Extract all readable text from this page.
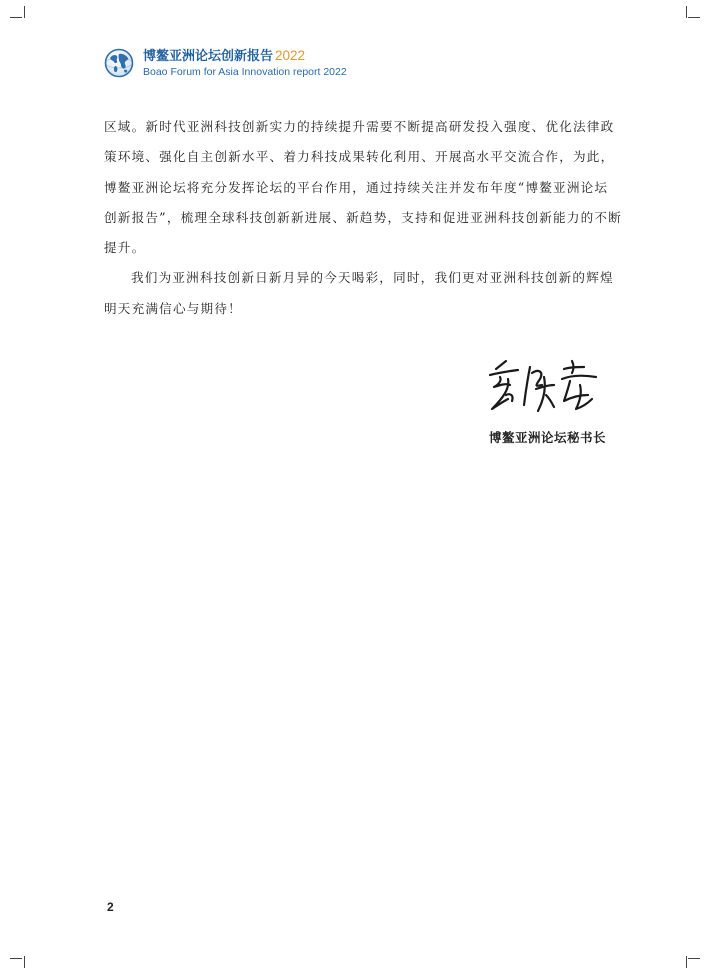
博鳌亚洲论坛创新报告 2022
Boao Forum for Asia Innovation report 2022

区域。新时代亚洲科技创新实力的持续提升需要不断提高研发投入强度、优化法律政
策环境、强化自主创新水平、着力科技成果转化利用、开展高水平交流合作，为此，
博鳌亚洲论坛将充分发挥论坛的平台作用，通过持续关注并发布年度“博鳌亚洲论坛
创新报告”，梳理全球科技创新新进展、新趋势，支持和促进亚洲科技创新能力的不断
提升。

我们为亚洲科技创新日新月异的今天喝彩，同时，我们更对亚洲科技创新的辉煌
明天充满信心与期待！

博鳌亚洲论坛秘书长
2
